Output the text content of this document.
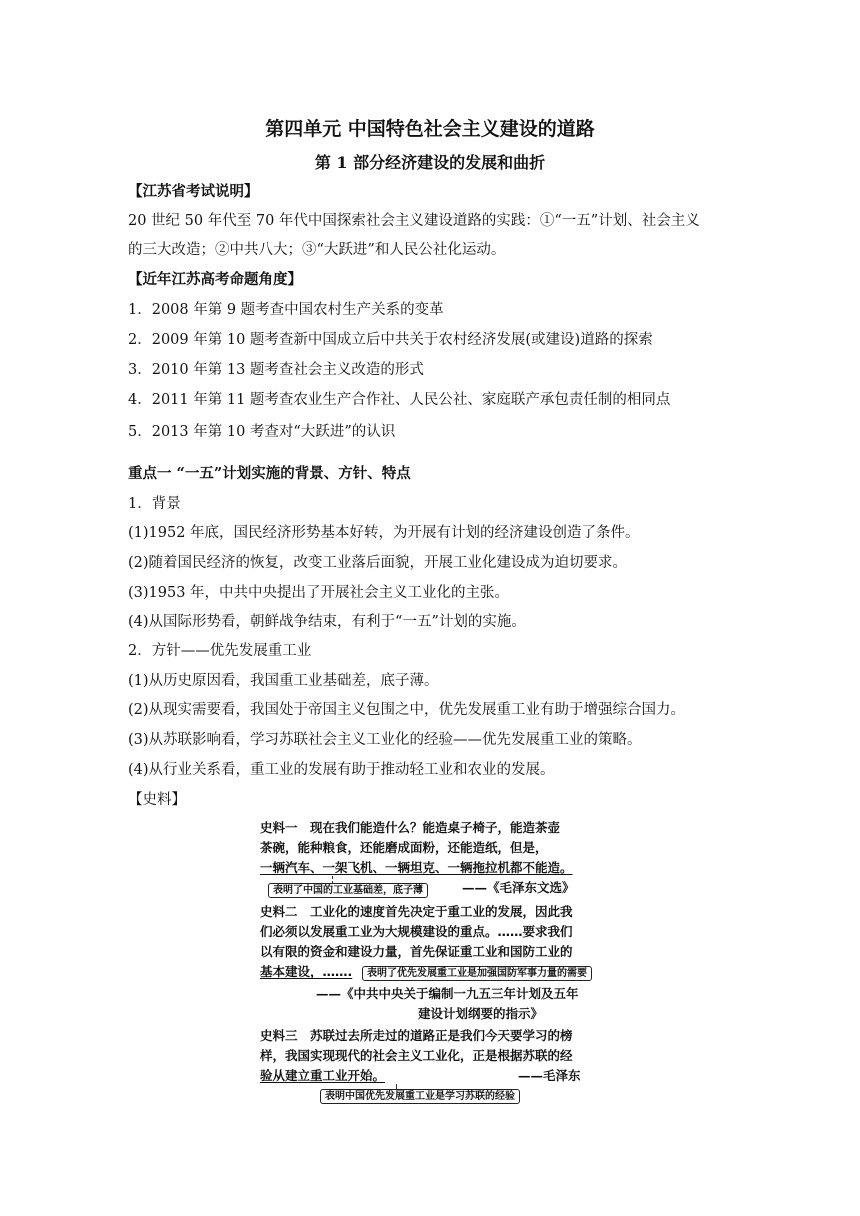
第四单元 中国特色社会主义建设的道路
第 1 部分经济建设的发展和曲折
【江苏省考试说明】
20 世纪 50 年代至 70 年代中国探索社会主义建设道路的实践：①“一五”计划、社会主义
的三大改造；②中共八大；③“大跃进”和人民公社化运动。
【近年江苏高考命题角度】
1．2008 年第 9 题考查中国农村生产关系的变革
2．2009 年第 10 题考查新中国成立后中共关于农村经济发展(或建设)道路的探索
3．2010 年第 13 题考查社会主义改造的形式
4．2011 年第 11 题考查农业生产合作社、人民公社、家庭联产承包责任制的相同点
5．2013 年第 10 考查对“大跃进”的认识
重点一 “一五”计划实施的背景、方针、特点
1．背景
(1)1952 年底，国民经济形势基本好转，为开展有计划的经济建设创造了条件。
(2)随着国民经济的恢复，改变工业落后面貌，开展工业化建设成为迫切要求。
(3)1953 年，中共中央提出了开展社会主义工业化的主张。
(4)从国际形势看，朝鲜战争结束，有利于“一五”计划的实施。
2．方针——优先发展重工业
(1)从历史原因看，我国重工业基础差，底子薄。
(2)从现实需要看，我国处于帝国主义包围之中，优先发展重工业有助于增强综合国力。
(3)从苏联影响看，学习苏联社会主义工业化的经验——优先发展重工业的策略。
(4)从行业关系看，重工业的发展有助于推动轻工业和农业的发展。
【史料】
史料一　现在我们能造什么？能造桌子椅子，能造茶壶
茶碗，能种粮食，还能磨成面粉，还能造纸，但是，
一辆汽车、一架飞机、一辆坦克、一辆拖拉机都不能造。
表明了中国的工业基础差，底子薄	——《毛泽东文选》
史料二　工业化的速度首先决定于重工业的发展，因此我
们必须以发展重工业为大规模建设的重点。……要求我们
以有限的资金和建设力量，首先保证重工业和国防工业的
基本建设，…….	表明了优先发展重工业是加强国防军事力量的需要
——《中共中央关于编制一九五三年计划及五年
建设计划纲要的指示》
史料三　苏联过去所走过的道路正是我们今天要学习的榜
样，我国实现现代的社会主义工业化，正是根据苏联的经
验从建立重工业开始。	——毛泽东
表明中国优先发展重工业是学习苏联的经验
